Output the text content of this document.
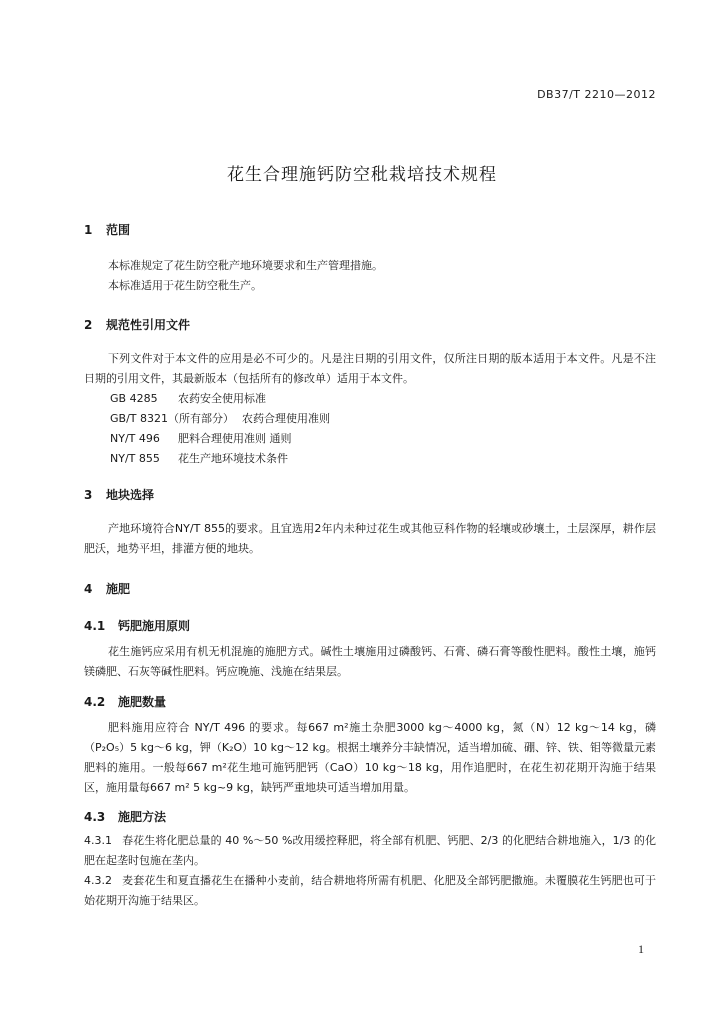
DB37/T 2210—2012
花生合理施钙防空秕栽培技术规程
1 范围

本标准规定了花生防空秕产地环境要求和生产管理措施。

本标准适用于花生防空秕生产。

2 规范性引用文件

下列文件对于本文件的应用是必不可少的。凡是注日期的引用文件，仅所注日期的版本适用于本文件。凡是不注日期的引用文件，其最新版本（包括所有的修改单）适用于本文件。

GB 4285 农药安全使用标准
GB/T 8321（所有部分） 农药合理使用准则
NY/T 496 肥料合理使用准则 通则
NY/T 855 花生产地环境技术条件
3 地块选择

产地环境符合NY/T 855的要求。且宜选用2年内未种过花生或其他豆科作物的轻壤或砂壤土，土层深厚，耕作层肥沃，地势平坦，排灌方便的地块。

4 施肥
4.1 钙肥施用原则

花生施钙应采用有机无机混施的施肥方式。碱性土壤施用过磷酸钙、石膏、磷石膏等酸性肥料。酸性土壤，施钙镁磷肥、石灰等碱性肥料。钙应晚施、浅施在结果层。

4.2 施肥数量

肥料施用应符合 NY/T 496 的要求。每667 m²施土杂肥3000 kg～4000 kg，氮（N）12 kg～14 kg，磷（P₂O₅）5 kg～6 kg，钾（K₂O）10 kg～12 kg。根据土壤养分丰缺情况，适当增加硫、硼、锌、铁、钼等微量元素肥料的施用。一般每667 m²花生地可施钙肥钙（CaO）10 kg～18 kg，用作追肥时，在花生初花期开沟施于结果区，施用量每667 m² 5 kg~9 kg，缺钙严重地块可适当增加用量。

4.3 施肥方法

4.3.1 春花生将化肥总量的 40 %～50 %改用缓控释肥，将全部有机肥、钙肥、2/3 的化肥结合耕地施入，1/3 的化肥在起垄时包施在垄内。

4.3.2 麦套花生和夏直播花生在播种小麦前，结合耕地将所需有机肥、化肥及全部钙肥撒施。未覆膜花生钙肥也可于始花期开沟施于结果区。

1
